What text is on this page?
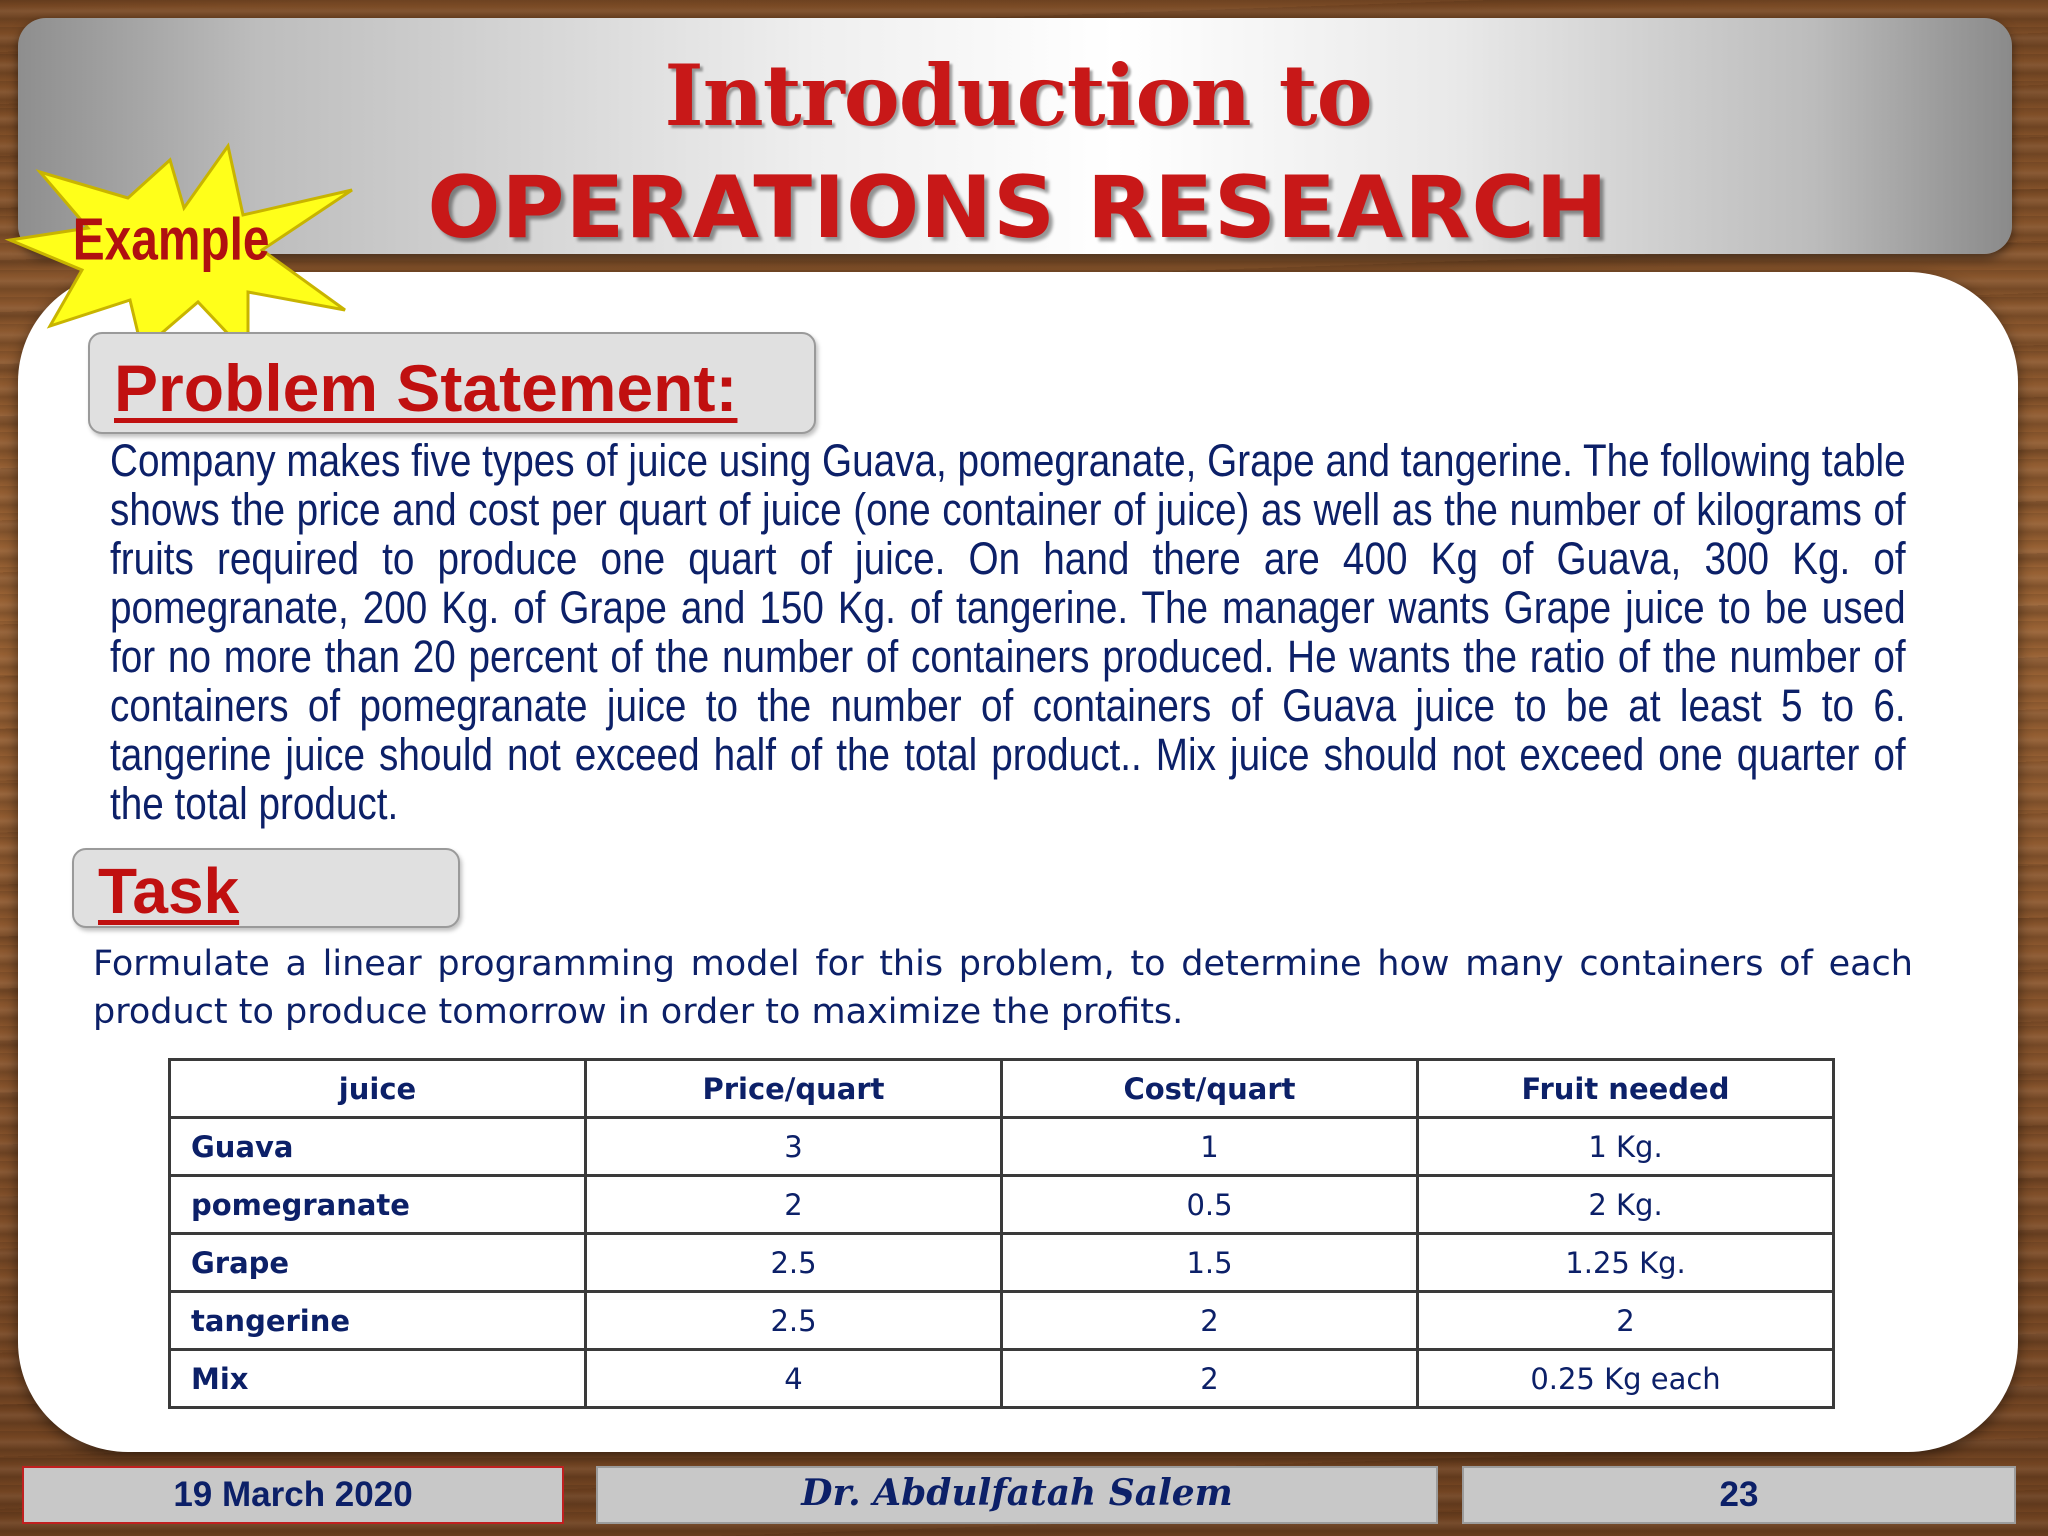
Introduction to
OPERATIONS RESEARCH
Example
Problem Statement:
Company makes five types of juice using Guava, pomegranate, Grape and tangerine. The following table shows the price and cost per quart of juice (one container of juice) as well as the number of kilograms of fruits required to produce one quart of juice. On hand there are 400 Kg of Guava, 300 Kg. of pomegranate, 200 Kg. of Grape and 150 Kg. of tangerine. The manager wants Grape juice to be used for no more than 20 percent of the number of containers produced. He wants the ratio of the number of containers of pomegranate juice to the number of containers of Guava juice to be at least 5 to 6. tangerine juice should not exceed half of the total product.. Mix juice should not exceed one quarter of the total product.
Task
Formulate a linear programming model for this problem, to determine how many containers of each product to produce tomorrow in order to maximize the profits.
juice	Price/quart	Cost/quart	Fruit needed
Guava	3	1	1 Kg.
pomegranate	2	0.5	2 Kg.
Grape	2.5	1.5	1.25 Kg.
tangerine	2.5	2	2
Mix	4	2	0.25 Kg each
19 March 2020	Dr. Abdulfatah Salem	23
